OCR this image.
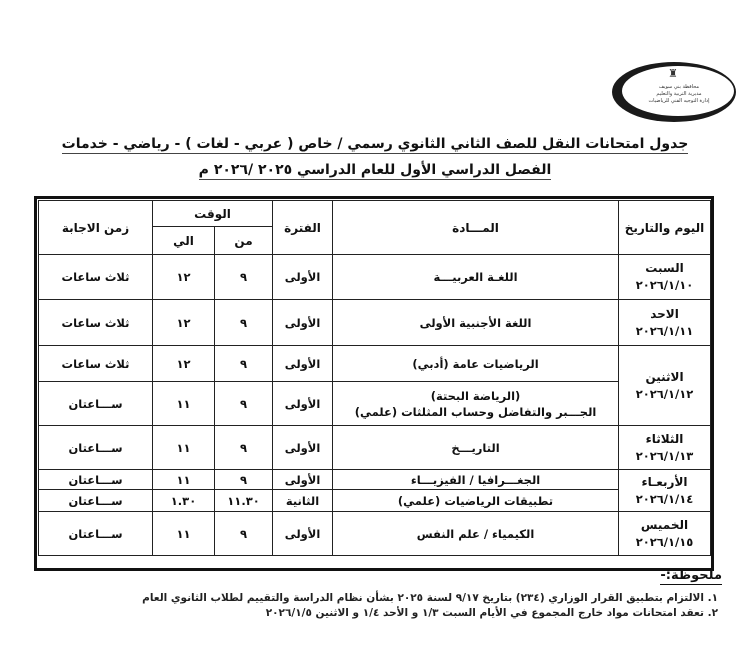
♜
محافظة بني سويف
مديرية التربية والتعليم
إدارة التوجيه الفني للرياضيات
جدول امتحانات النقل للصف الثاني الثانوي رسمي / خاص ( عربي - لغات ) - رياضي - خدمات
الفصل الدراسي الأول للعام الدراسي ٢٠٢٥ /٢٠٢٦ م
اليوم والتاريخ	المـــادة	الفترة	الوقت		زمن الاجابة
			من	الي	

السبت
٢٠٢٦/١/١٠	اللغـة العربيـــة	الأولى	٩	١٢	ثلاث ساعات

الاحد
٢٠٢٦/١/١١	اللغة الأجنبية الأولى	الأولى	٩	١٢	ثلاث ساعات

الاثنين
٢٠٢٦/١/١٢	الرياضيات عامة (أدبي)	الأولى	٩	١٢	ثلاث ساعات

	(الرياضة البحتة)
الجـــبر والتفاضل وحساب المثلثات (علمي)	الأولى	٩	١١	ســـاعتان

الثلاثاء
٢٠٢٦/١/١٣	التاريـــخ	الأولى	٩	١١	ســـاعتان

الأربعـاء
٢٠٢٦/١/١٤	الجغـــرافيا / الفيزيـــاء	الأولى	٩	١١	ســـاعتان
	تطبيقات الرياضيات (علمي)	الثانية	١١.٣٠	١.٣٠	ســـاعتان

الخميس
٢٠٢٦/١/١٥	الكيمياء / علم النفس	الأولى	٩	١١	ســـاعتان
ملحوظة:-
١. الالتزام بتطبيق القرار الوزاري (٢٣٤) بتاريخ ٩/١٧ لسنة ٢٠٢٥ بشأن نظام الدراسة والتقييم لطلاب الثانوي العام
٢. تعقد امتحانات مواد خارج المجموع في الأيام السبت ١/٣ و الأحد ١/٤ و الاثنين ٢٠٢٦/١/٥
